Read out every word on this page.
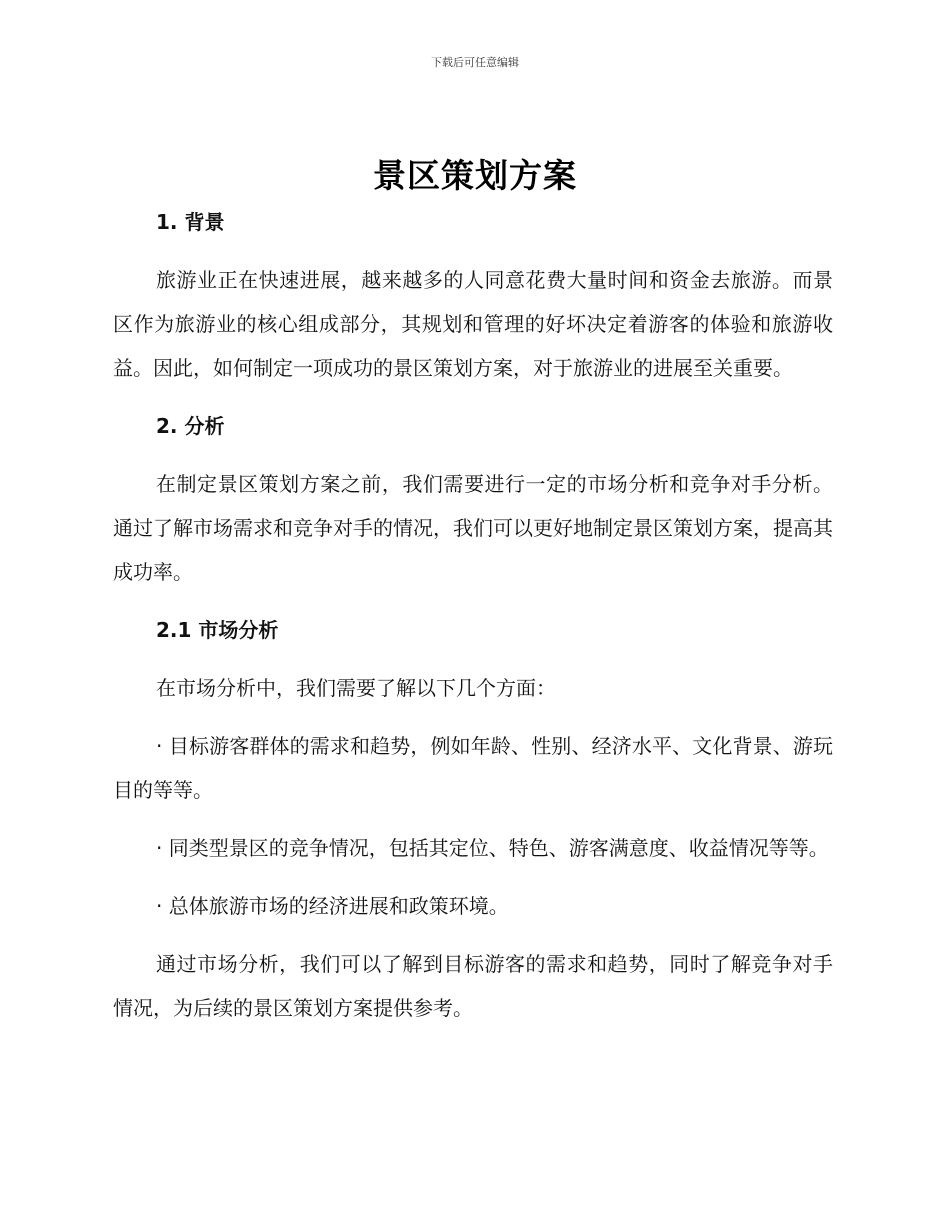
下载后可任意编辑
景区策划方案

1. 背景

旅游业正在快速进展，越来越多的人同意花费大量时间和资金去旅游。而景区作为旅游业的核心组成部分，其规划和管理的好坏决定着游客的体验和旅游收益。因此，如何制定一项成功的景区策划方案，对于旅游业的进展至关重要。

2. 分析

在制定景区策划方案之前，我们需要进行一定的市场分析和竞争对手分析。通过了解市场需求和竞争对手的情况，我们可以更好地制定景区策划方案，提高其成功率。

2.1 市场分析

在市场分析中，我们需要了解以下几个方面：

· 目标游客群体的需求和趋势，例如年龄、性别、经济水平、文化背景、游玩目的等等。

· 同类型景区的竞争情况，包括其定位、特色、游客满意度、收益情况等等。

· 总体旅游市场的经济进展和政策环境。

通过市场分析，我们可以了解到目标游客的需求和趋势，同时了解竞争对手情况，为后续的景区策划方案提供参考。
